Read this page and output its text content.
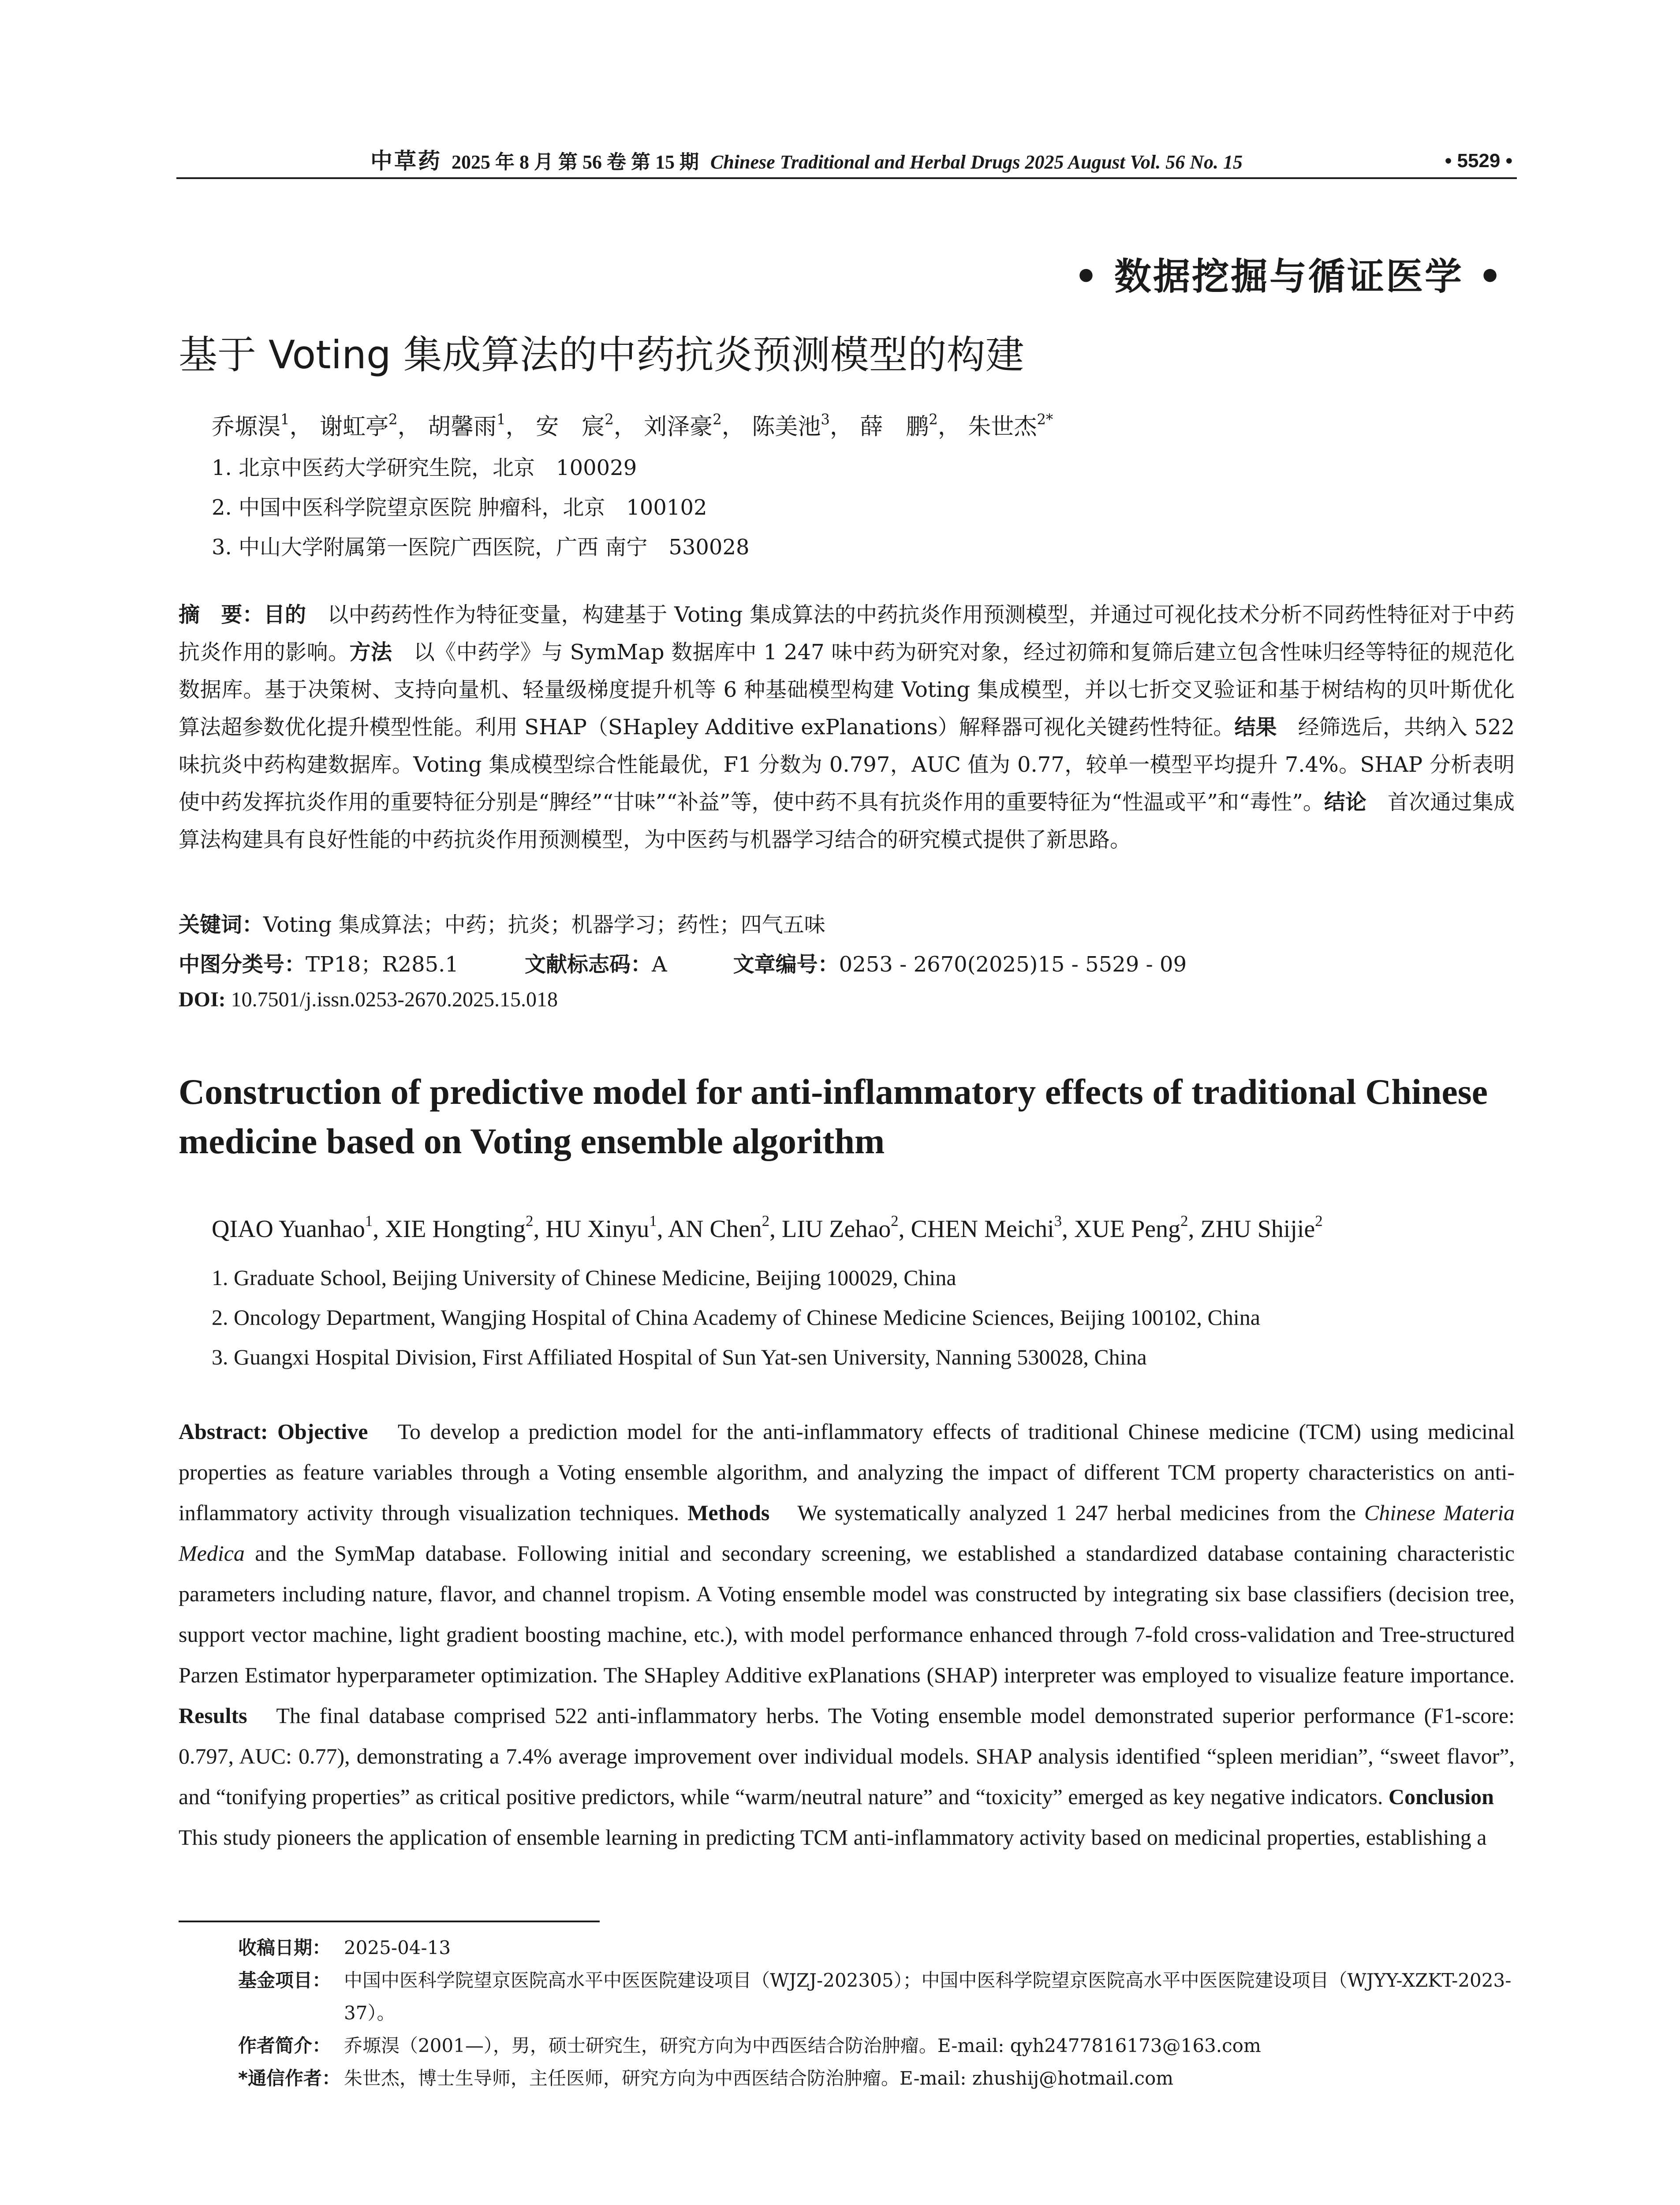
中草药 2025 年 8 月 第 56 卷 第 15 期 Chinese Traditional and Herbal Drugs 2025 August Vol. 56 No. 15	• 5529 •
• 数据挖掘与循证医学 •
基于 Voting 集成算法的中药抗炎预测模型的构建
乔塬淏$^1$， 谢虹亭$^2$， 胡馨雨$^1$， 安　宸$^2$， 刘泽豪$^2$， 陈美池$^3$， 薛　鹏$^2$， 朱世杰$^{2*}$
1. 北京中医药大学研究生院，北京　100029
2. 中国中医科学院望京医院 肿瘤科，北京　100102
3. 中山大学附属第一医院广西医院，广西 南宁　530028
摘　要：目的　以中药药性作为特征变量，构建基于 Voting 集成算法的中药抗炎作用预测模型，并通过可视化技术分析不同药性特征对于中药抗炎作用的影响。方法　以《中药学》与 SymMap 数据库中 1 247 味中药为研究对象，经过初筛和复筛后建立包含性味归经等特征的规范化数据库。基于决策树、支持向量机、轻量级梯度提升机等 6 种基础模型构建 Voting 集成模型，并以七折交叉验证和基于树结构的贝叶斯优化算法超参数优化提升模型性能。利用 SHAP（SHapley Additive exPlanations）解释器可视化关键药性特征。结果　经筛选后，共纳入 522 味抗炎中药构建数据库。Voting 集成模型综合性能最优，F1 分数为 0.797，AUC 值为 0.77，较单一模型平均提升 7.4%。SHAP 分析表明使中药发挥抗炎作用的重要特征分别是“脾经”“甘味”“补益”等，使中药不具有抗炎作用的重要特征为“性温或平”和“毒性”。结论　首次通过集成算法构建具有良好性能的中药抗炎作用预测模型，为中医药与机器学习结合的研究模式提供了新思路。
关键词：Voting 集成算法；中药；抗炎；机器学习；药性；四气五味
中图分类号：TP18；R285.1	文献标志码：A	文章编号：0253 - 2670(2025)15 - 5529 - 09
DOI: 10.7501/j.issn.0253-2670.2025.15.018
Construction of predictive model for anti-inflammatory effects of traditional Chinese medicine based on Voting ensemble algorithm
QIAO Yuanhao$^1$, XIE Hongting$^2$, HU Xinyu$^1$, AN Chen$^2$, LIU Zehao$^2$, CHEN Meichi$^3$, XUE Peng$^2$, ZHU Shijie$^2$
1. Graduate School, Beijing University of Chinese Medicine, Beijing 100029, China
2. Oncology Department, Wangjing Hospital of China Academy of Chinese Medicine Sciences, Beijing 100102, China
3. Guangxi Hospital Division, First Affiliated Hospital of Sun Yat-sen University, Nanning 530028, China
Abstract: Objective　To develop a prediction model for the anti-inflammatory effects of traditional Chinese medicine (TCM) using medicinal properties as feature variables through a Voting ensemble algorithm, and analyzing the impact of different TCM property characteristics on anti-inflammatory activity through visualization techniques. Methods　We systematically analyzed 1 247 herbal medicines from the Chinese Materia Medica and the SymMap database. Following initial and secondary screening, we established a standardized database containing characteristic parameters including nature, flavor, and channel tropism. A Voting ensemble model was constructed by integrating six base classifiers (decision tree, support vector machine, light gradient boosting machine, etc.), with model performance enhanced through 7-fold cross-validation and Tree-structured Parzen Estimator hyperparameter optimization. The SHapley Additive exPlanations (SHAP) interpreter was employed to visualize feature importance. Results　The final database comprised 522 anti-inflammatory herbs. The Voting ensemble model demonstrated superior performance (F1-score: 0.797, AUC: 0.77), demonstrating a 7.4% average improvement over individual models. SHAP analysis identified “spleen meridian”, “sweet flavor”, and “tonifying properties” as critical positive predictors, while “warm/neutral nature” and “toxicity” emerged as key negative indicators. Conclusion　This study pioneers the application of ensemble learning in predicting TCM anti-inflammatory activity based on medicinal properties, establishing a
收稿日期： 2025-04-13
基金项目： 中国中医科学院望京医院高水平中医医院建设项目（WJZJ-202305）；中国中医科学院望京医院高水平中医医院建设项目（WJYY-XZKT-2023-37）。
作者简介： 乔塬淏（2001—），男，硕士研究生，研究方向为中西医结合防治肿瘤。E-mail: qyh2477816173@163.com
*通信作者： 朱世杰，博士生导师，主任医师，研究方向为中西医结合防治肿瘤。E-mail: zhushij@hotmail.com
